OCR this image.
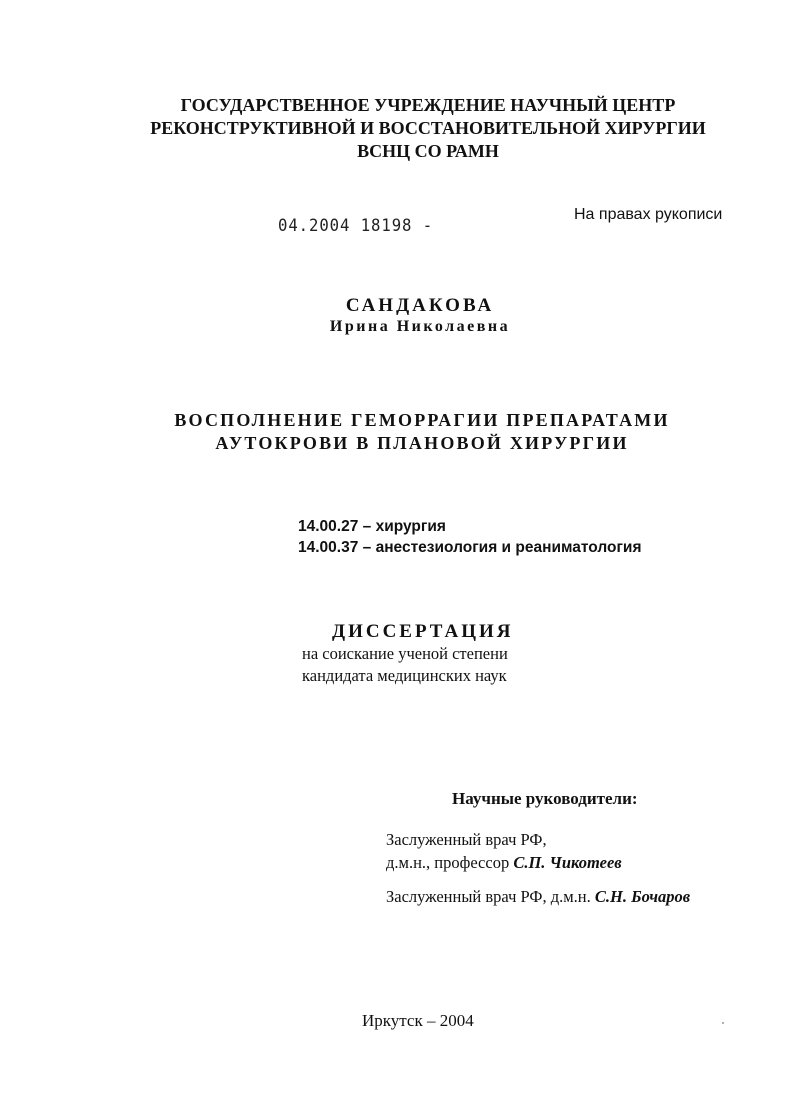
ГОСУДАРСТВЕННОЕ УЧРЕЖДЕНИЕ НАУЧНЫЙ ЦЕНТР
РЕКОНСТРУКТИВНОЙ И ВОССТАНОВИТЕЛЬНОЙ ХИРУРГИИ
ВСНЦ СО РАМН
04.2004 18198 -
На правах рукописи
САНДАКОВА
Ирина Николаевна
ВОСПОЛНЕНИЕ ГЕМОРРАГИИ ПРЕПАРАТАМИ
АУТОКРОВИ В ПЛАНОВОЙ ХИРУРГИИ
14.00.27 – хирургия
14.00.37 – анестезиология и реаниматология
ДИССЕРТАЦИЯ
на соискание ученой степени
кандидата медицинских наук
Научные руководители:
Заслуженный врач РФ,
д.м.н., профессор С.П. Чикотеев
Заслуженный врач РФ, д.м.н. С.Н. Бочаров
Иркутск – 2004
